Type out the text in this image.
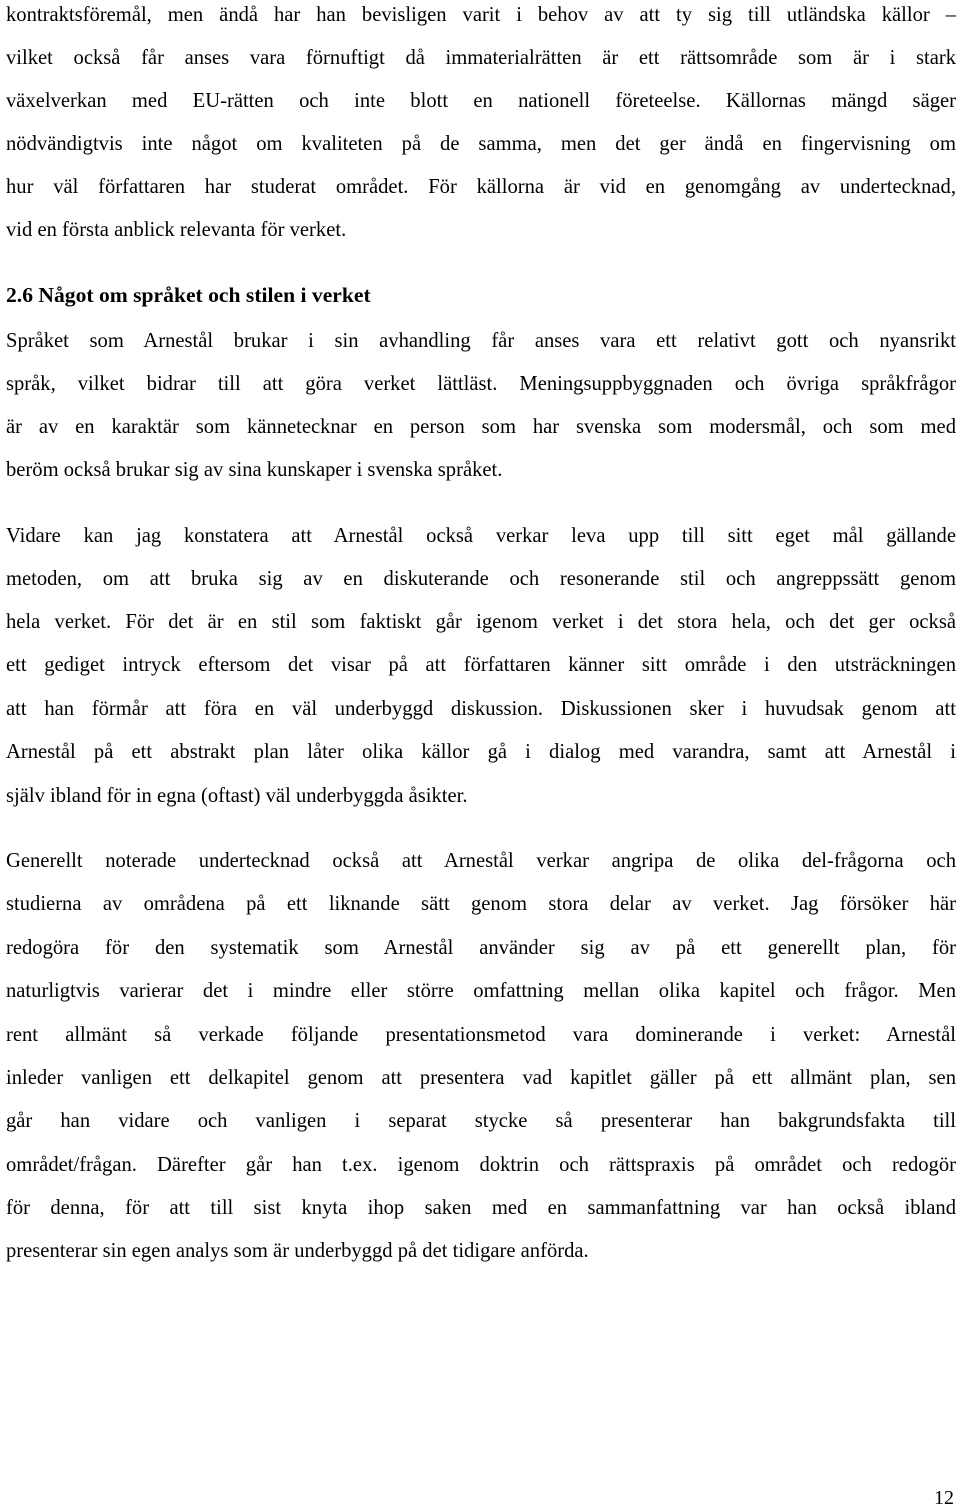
kontraktsföremål, men ändå har han bevisligen varit i behov av att ty sig till utländska källor –
vilket också får anses vara förnuftigt då immaterialrätten är ett rättsområde som är i stark
växelverkan med EU-rätten och inte blott en nationell företeelse. Källornas mängd säger
nödvändigtvis inte något om kvaliteten på de samma, men det ger ändå en fingervisning om
hur väl författaren har studerat området. För källorna är vid en genomgång av undertecknad,
vid en första anblick relevanta för verket.
2.6 Något om språket och stilen i verket
Språket som Arnestål brukar i sin avhandling får anses vara ett relativt gott och nyansrikt
språk, vilket bidrar till att göra verket lättläst. Meningsuppbyggnaden och övriga språkfrågor
är av en karaktär som kännetecknar en person som har svenska som modersmål, och som med
beröm också brukar sig av sina kunskaper i svenska språket.
Vidare kan jag konstatera att Arnestål också verkar leva upp till sitt eget mål gällande
metoden, om att bruka sig av en diskuterande och resonerande stil och angreppssätt genom
hela verket. För det är en stil som faktiskt går igenom verket i det stora hela, och det ger också
ett gediget intryck eftersom det visar på att författaren känner sitt område i den utsträckningen
att han förmår att föra en väl underbyggd diskussion. Diskussionen sker i huvudsak genom att
Arnestål på ett abstrakt plan låter olika källor gå i dialog med varandra, samt att Arnestål i
själv ibland för in egna (oftast) väl underbyggda åsikter.
Generellt noterade undertecknad också att Arnestål verkar angripa de olika del-frågorna och
studierna av områdena på ett liknande sätt genom stora delar av verket. Jag försöker här
redogöra för den systematik som Arnestål använder sig av på ett generellt plan, för
naturligtvis varierar det i mindre eller större omfattning mellan olika kapitel och frågor. Men
rent allmänt så verkade följande presentationsmetod vara dominerande i verket: Arnestål
inleder vanligen ett delkapitel genom att presentera vad kapitlet gäller på ett allmänt plan, sen
går han vidare och vanligen i separat stycke så presenterar han bakgrundsfakta till
området/frågan. Därefter går han t.ex. igenom doktrin och rättspraxis på området och redogör
för denna, för att till sist knyta ihop saken med en sammanfattning var han också ibland
presenterar sin egen analys som är underbyggd på det tidigare anförda.
12
